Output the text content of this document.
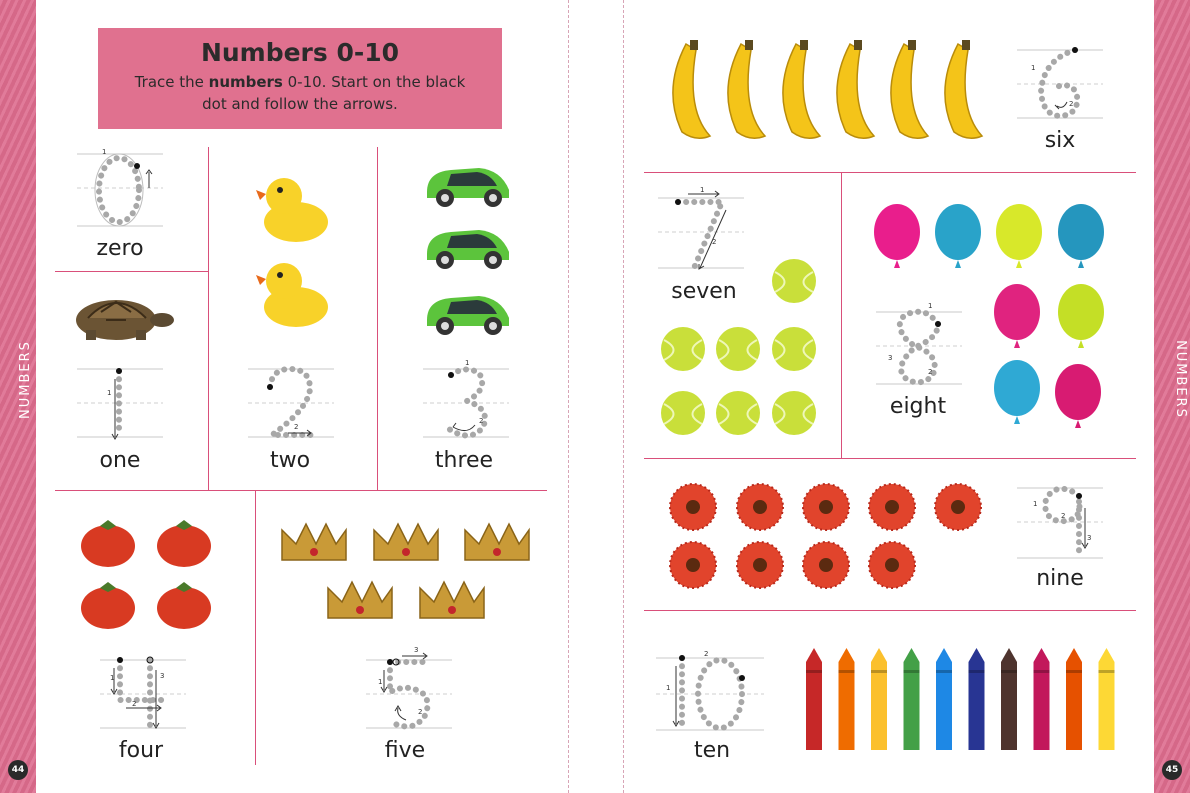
NUMBERS	NUMBERS
44	45
Numbers 0-10

Trace the numbers 0-10. Start on the black dot and follow the arrows.

1
zero
1
one
2
two
1
2
three
1
2
3
four
1
3
2
five
1
2
six
1
2
seven
1
3
2
eight
1
2
3
nine
1
2
ten
